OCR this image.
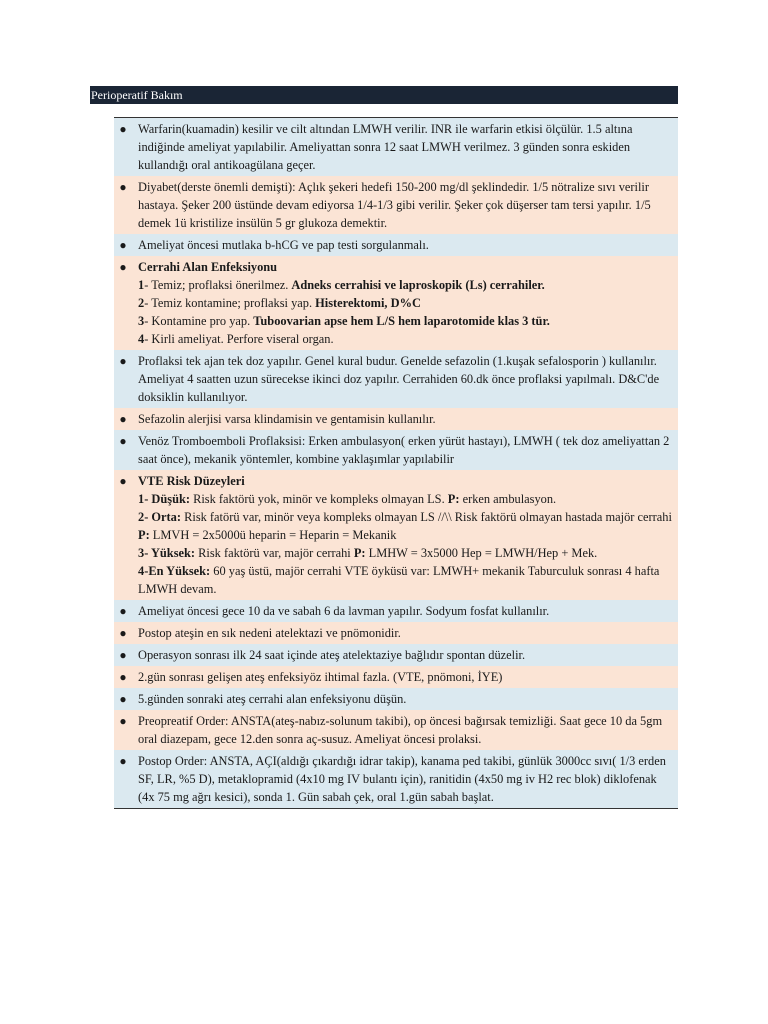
Perioperatif Bakım
● Warfarin(kuamadin) kesilir ve cilt altından LMWH verilir. INR ile warfarin etkisi ölçülür. 1.5 altına indiğinde ameliyat yapılabilir. Ameliyattan sonra 12 saat LMWH verilmez. 3 günden sonra eskiden kullandığı oral antikoagülana geçer.
● Diyabet(derste önemli demişti): Açlık şekeri hedefi 150-200 mg/dl şeklindedir. 1/5 nötralize sıvı verilir hastaya. Şeker 200 üstünde devam ediyorsa 1/4-1/3 gibi verilir. Şeker çok düşerser tam tersi yapılır. 1/5 demek 1ü kristilize insülün 5 gr glukoza demektir.
● Ameliyat öncesi mutlaka b-hCG ve pap testi sorgulanmalı.
● Cerrahi Alan Enfeksiyonu
1- Temiz; proflaksi önerilmez. Adneks cerrahisi ve laproskopik (Ls) cerrahiler.
2- Temiz kontamine; proflaksi yap. Histerektomi, D%C
3- Kontamine pro yap. Tuboovarian apse hem L/S hem laparotomide klas 3 tür.
4- Kirli ameliyat. Perfore viseral organ.
● Proflaksi tek ajan tek doz yapılır. Genel kural budur. Genelde sefazolin (1.kuşak sefalosporin ) kullanılır. Ameliyat 4 saatten uzun sürecekse ikinci doz yapılır. Cerrahiden 60.dk önce proflaksi yapılmalı. D&C'de doksiklin kullanılıyor.
● Sefazolin alerjisi varsa klindamisin ve gentamisin kullanılır.
● Venöz Tromboemboli Proflaksisi: Erken ambulasyon( erken yürüt hastayı), LMWH ( tek doz ameliyattan 2 saat önce), mekanik yöntemler, kombine yaklaşımlar yapılabilir
● VTE Risk Düzeyleri
1- Düşük: Risk faktörü yok, minör ve kompleks olmayan LS. P: erken ambulasyon.
2- Orta: Risk fatörü var, minör veya kompleks olmayan LS //\\ Risk faktörü olmayan hastada majör cerrahi P: LMVH = 2x5000ü heparin = Heparin = Mekanik
3- Yüksek: Risk faktörü var, majör cerrahi P: LMHW = 3x5000 Hep = LMWH/Hep + Mek.
4-En Yüksek: 60 yaş üstü, majör cerrahi VTE öyküsü var: LMWH+ mekanik Taburculuk sonrası 4 hafta LMWH devam.
● Ameliyat öncesi gece 10 da ve sabah 6 da lavman yapılır. Sodyum fosfat kullanılır.
● Postop ateşin en sık nedeni atelektazi ve pnömonidir.
● Operasyon sonrası ilk 24 saat içinde ateş atelektaziye bağlıdır spontan düzelir.
● 2.gün sonrası gelişen ateş enfeksiyöz ihtimal fazla. (VTE, pnömoni, İYE)
● 5.günden sonraki ateş cerrahi alan enfeksiyonu düşün.
● Preopreatif Order: ANSTA(ateş-nabız-solunum takibi), op öncesi bağırsak temizliği. Saat gece 10 da 5gm oral diazepam, gece 12.den sonra aç-susuz. Ameliyat öncesi prolaksi.
● Postop Order: ANSTA, AÇI(aldığı çıkardığı idrar takip), kanama ped takibi, günlük 3000cc sıvı( 1/3 erden SF, LR, %5 D), metaklopramid (4x10 mg IV bulantı için), ranitidin (4x50 mg iv H2 rec blok) diklofenak (4x 75 mg ağrı kesici), sonda 1. Gün sabah çek, oral 1.gün sabah başlat.
